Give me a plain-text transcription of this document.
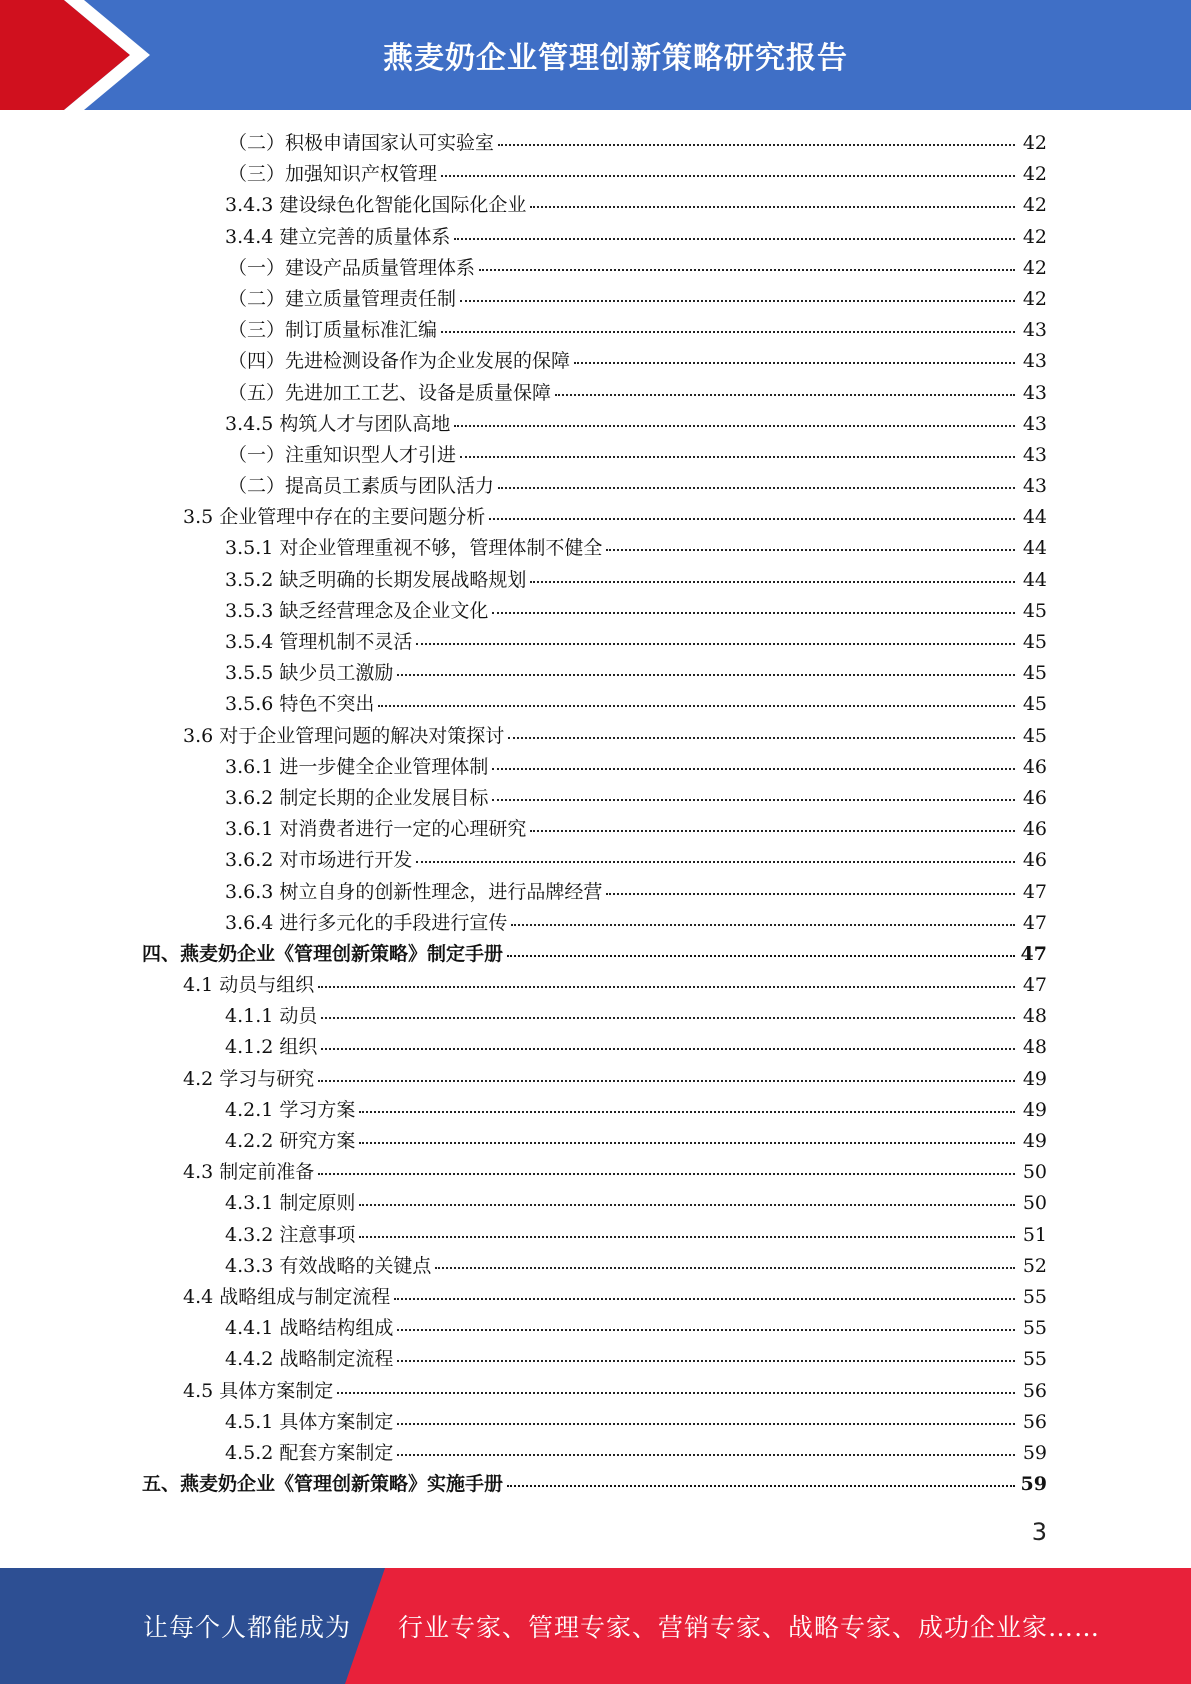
燕麦奶企业管理创新策略研究报告
（二）积极申请国家认可实验室	42
（三）加强知识产权管理	42
3.4.3 建设绿色化智能化国际化企业	42
3.4.4 建立完善的质量体系	42
（一）建设产品质量管理体系	42
（二）建立质量管理责任制	42
（三）制订质量标准汇编	43
（四）先进检测设备作为企业发展的保障	43
（五）先进加工工艺、设备是质量保障	43
3.4.5 构筑人才与团队高地	43
（一）注重知识型人才引进	43
（二）提高员工素质与团队活力	43
3.5 企业管理中存在的主要问题分析	44
3.5.1 对企业管理重视不够，管理体制不健全	44
3.5.2 缺乏明确的长期发展战略规划	44
3.5.3 缺乏经营理念及企业文化	45
3.5.4 管理机制不灵活	45
3.5.5 缺少员工激励	45
3.5.6 特色不突出	45
3.6 对于企业管理问题的解决对策探讨	45
3.6.1 进一步健全企业管理体制	46
3.6.2 制定长期的企业发展目标	46
3.6.1 对消费者进行一定的心理研究	46
3.6.2 对市场进行开发	46
3.6.3 树立自身的创新性理念，进行品牌经营	47
3.6.4 进行多元化的手段进行宣传	47
四、燕麦奶企业《管理创新策略》制定手册	47
4.1 动员与组织	47
4.1.1 动员	48
4.1.2 组织	48
4.2 学习与研究	49
4.2.1 学习方案	49
4.2.2 研究方案	49
4.3 制定前准备	50
4.3.1 制定原则	50
4.3.2 注意事项	51
4.3.3 有效战略的关键点	52
4.4 战略组成与制定流程	55
4.4.1 战略结构组成	55
4.4.2 战略制定流程	55
4.5 具体方案制定	56
4.5.1 具体方案制定	56
4.5.2 配套方案制定	59
五、燕麦奶企业《管理创新策略》实施手册	59
3
让每个人都能成为 行业专家、管理专家、营销专家、战略专家、成功企业家……
